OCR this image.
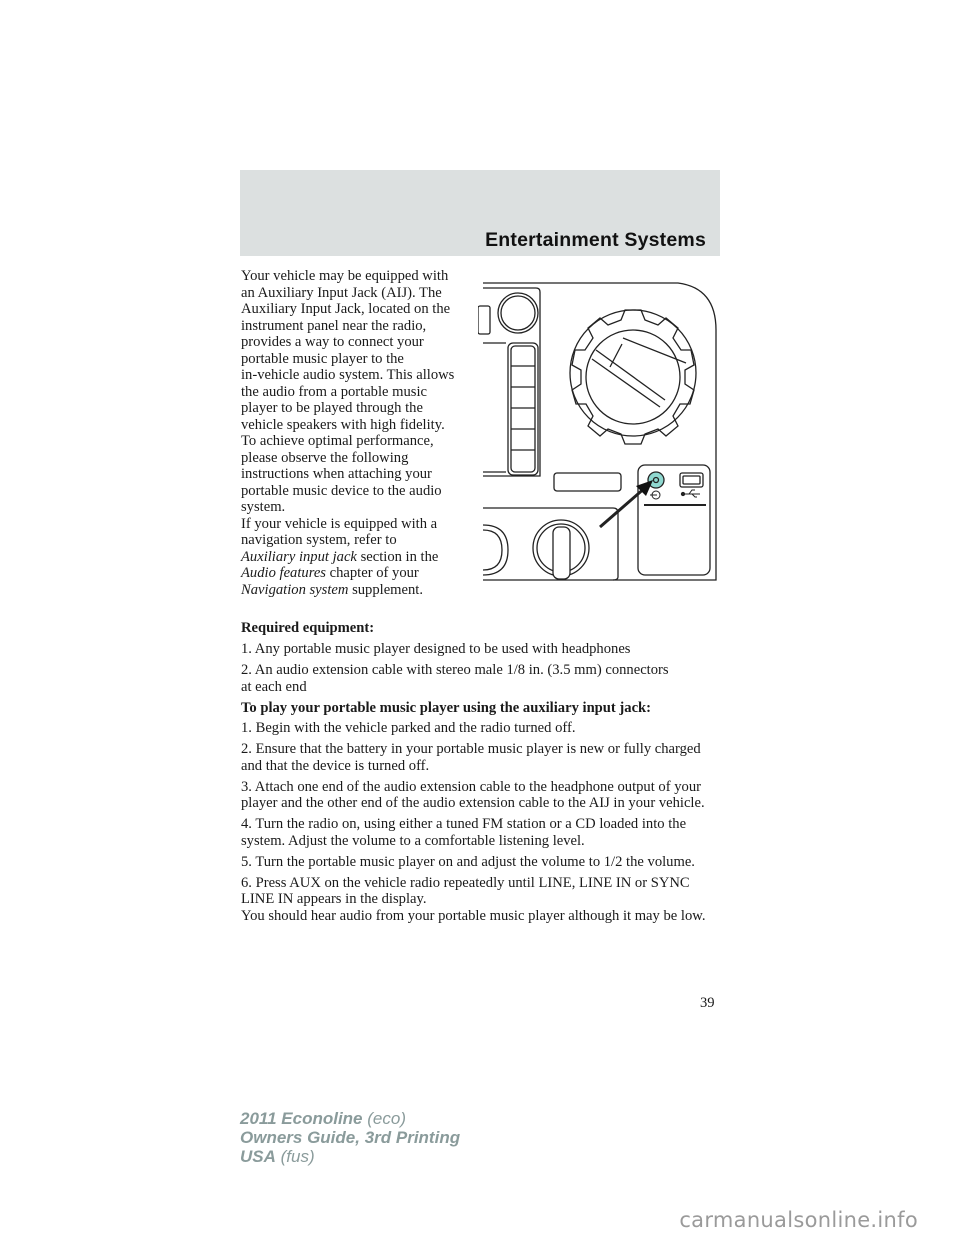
Entertainment Systems

Your vehicle may be equipped with

an Auxiliary Input Jack (AIJ). The

Auxiliary Input Jack, located on the

instrument panel near the radio,

provides a way to connect your

portable music player to the

in-vehicle audio system. This allows

the audio from a portable music

player to be played through the

vehicle speakers with high fidelity.

To achieve optimal performance,

please observe the following

instructions when attaching your

portable music device to the audio

system.

If your vehicle is equipped with a

navigation system, refer to

Auxiliary input jack section in the

Audio features chapter of your

Navigation system supplement.

Required equipment:

1. Any portable music player designed to be used with headphones

2. An audio extension cable with stereo male 1/8 in. (3.5 mm) connectors at each end

To play your portable music player using the auxiliary input jack:

1. Begin with the vehicle parked and the radio turned off.

2. Ensure that the battery in your portable music player is new or fully charged and that the device is turned off.

3. Attach one end of the audio extension cable to the headphone output of your player and the other end of the audio extension cable to the AIJ in your vehicle.

4. Turn the radio on, using either a tuned FM station or a CD loaded into the system. Adjust the volume to a comfortable listening level.

5. Turn the portable music player on and adjust the volume to 1/2 the volume.

6. Press AUX on the vehicle radio repeatedly until LINE, LINE IN or SYNC LINE IN appears in the display.

You should hear audio from your portable music player although it may be low.

39
2011 Econoline (eco)
Owners Guide, 3rd Printing
USA (fus)
carmanualsonline.info
